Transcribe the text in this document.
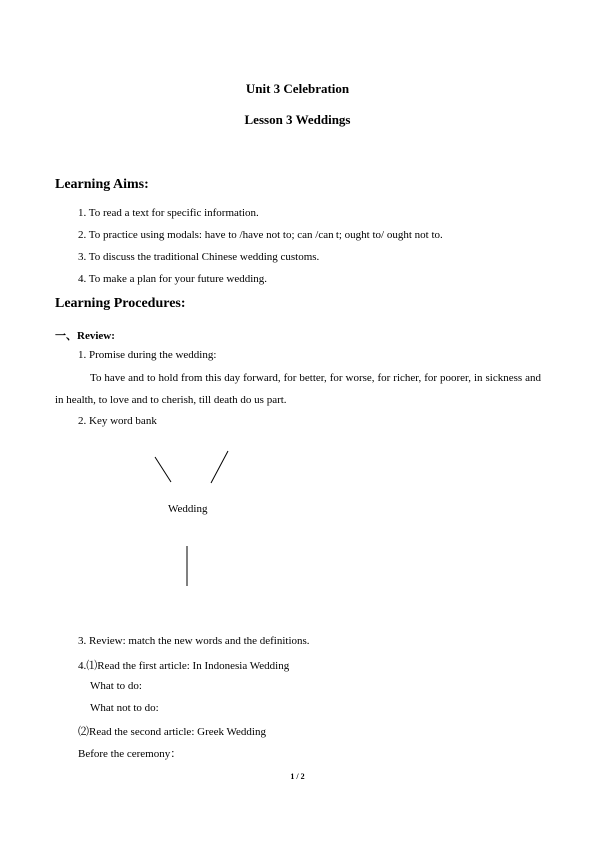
Unit 3 Celebration
Lesson 3 Weddings
Learning Aims:
1. To read a text for specific information.
2. To practice using modals: have to /have not to; can /can t; ought to/ ought not to.
3. To discuss the traditional Chinese wedding customs.
4. To make a plan for your future wedding.
Learning Procedures:
一、Review:
1. Promise during the wedding:
To have and to hold from this day forward, for better, for worse, for richer, for poorer, in sickness and in health, to love and to cherish, till death do us part.
2. Key word bank
Wedding
3. Review: match the new words and the definitions.
4.⑴Read the first article: In Indonesia Wedding
What to do:
What not to do:
⑵Read the second article: Greek Wedding
Before the ceremony：
1 / 2
